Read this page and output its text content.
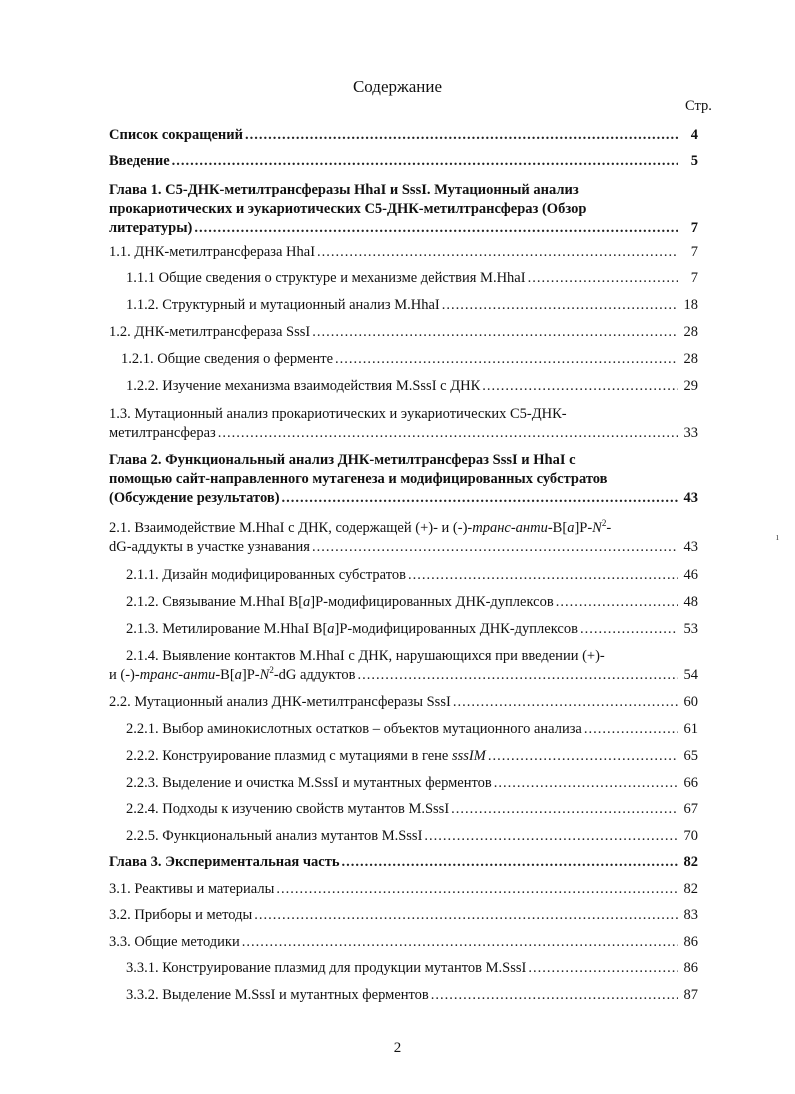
Содержание
Стр.
ı
Список сокращений .....	4
Введение .....	5
Глава 1. С5-ДНК-метилтрансферазы HhaI и SssI. Мутационный анализ
прокариотических и эукариотических С5-ДНК-метилтрансфераз (Обзор
литературы) .....	7
1.1. ДНК-метилтрансфераза HhaI .....	7
1.1.1 Общие сведения о структуре и механизме действия M.HhaI .....	7
1.1.2. Структурный и мутационный анализ M.HhaI .....	18
1.2. ДНК-метилтрансфераза SssI .....	28
1.2.1. Общие сведения о ферменте .....	28
1.2.2. Изучение механизма взаимодействия M.SssI с ДНК .....	29
1.3. Мутационный анализ прокариотических и эукариотических С5-ДНК-
метилтрансфераз .....	33
Глава 2. Функциональный анализ ДНК-метилтрансфераз SssI и HhaI с
помощью сайт-направленного мутагенеза и модифицированных субстратов
(Обсуждение результатов) .....	43
2.1. Взаимодействие M.HhaI с ДНК, содержащей (+)- и $(-)-транс-анти-B[a]P-N^2-$
dG-аддукты в участке узнавания .....	43
2.1.1. Дизайн модифицированных субстратов .....	46
2.1.2. Связывание M.HhaI B[a]P-модифицированных ДНК-дуплексов .....	48
2.1.3. Метилирование M.HhaI B[a]P-модифицированных ДНК-дуплексов .....	53
2.1.4. Выявление контактов M.HhaI с ДНК, нарушающихся при введении (+)-
и $(-)-транс-анти-B[a]P-N^2-dG$ аддуктов .....	54
2.2. Мутационный анализ ДНК-метилтрансферазы SssI .....	60
2.2.1. Выбор аминокислотных остатков – объектов мутационного анализа .....	61
2.2.2. Конструирование плазмид с мутациями в гене sssIM .....	65
2.2.3. Выделение и очистка M.SssI и мутантных ферментов .....	66
2.2.4. Подходы к изучению свойств мутантов M.SssI .....	67
2.2.5. Функциональный анализ мутантов M.SssI .....	70
Глава 3. Экспериментальная часть .....	82
3.1. Реактивы и материалы .....	82
3.2. Приборы и методы .....	83
3.3. Общие методики .....	86
3.3.1. Конструирование плазмид для продукции мутантов M.SssI .....	86
3.3.2. Выделение M.SssI и мутантных ферментов .....	87
2
